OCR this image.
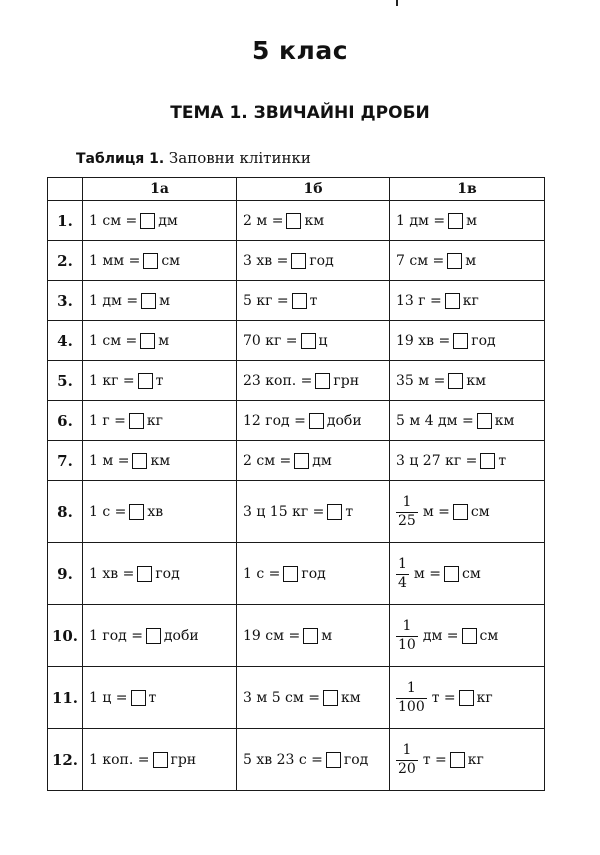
5 клас
ТЕМА 1. ЗВИЧАЙНІ ДРОБИ
Таблиця 1. Заповни клітинки
	1а	1б	1в
1.	1 см = дм	2 м = км	1 дм = м

2.	1 мм = см	3 хв = год	7 см = м

3.	1 дм = м	5 кг = т	13 г = кг

4.	1 см = м	70 кг = ц	19 хв = год

5.	1 кг = т	23 коп. = грн	35 м = км

6.	1 г = кг	12 год = доби	5 м 4 дм = км

7.	1 м = км	2 см = дм	3 ц 27 кг = т

8.	1 с = хв	3 ц 15 кг = т	$\frac{1}{25}$ м = см

9.	1 хв = год	1 с = год	$\frac{1}{4}$ м = см

10.	1 год = доби	19 см = м	$\frac{1}{10}$ дм = см

11.	1 ц = т	3 м 5 см = км	$\frac{1}{100}$ т = кг

12.	1 коп. = грн	5 хв 23 с = год	$\frac{1}{20}$ т = кг
